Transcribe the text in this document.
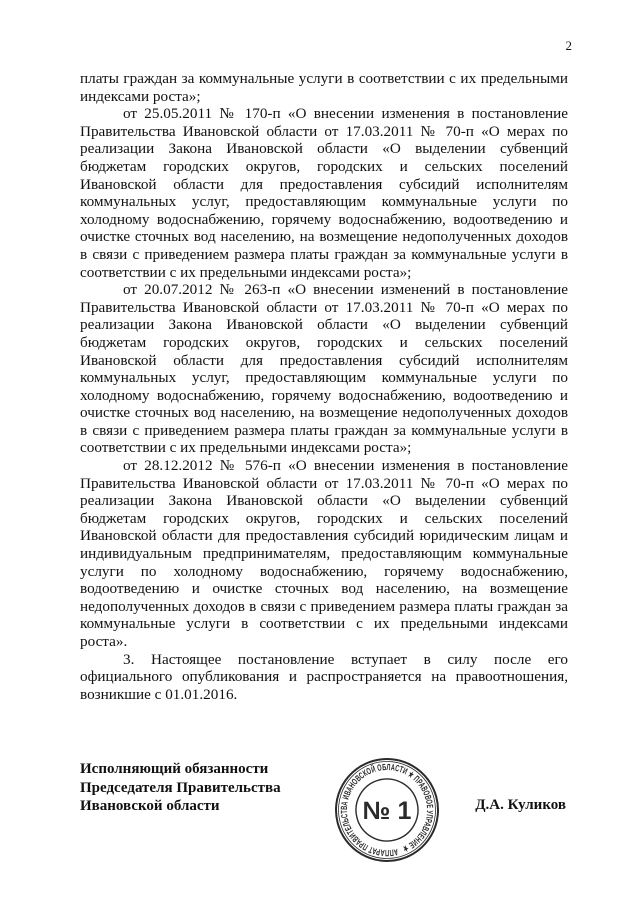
2

платы граждан за коммунальные услуги в соответствии с их предельными индексами роста»;

от 25.05.2011 № 170-п «О внесении изменения в постановление Правительства Ивановской области от 17.03.2011 № 70-п «О мерах по реализации Закона Ивановской области «О выделении субвенций бюджетам городских округов, городских и сельских поселений Ивановской области для предоставления субсидий исполнителям коммунальных услуг, предоставляющим коммунальные услуги по холодному водоснабжению, горячему водоснабжению, водоотведению и очистке сточных вод населению, на возмещение недополученных доходов в связи с приведением размера платы граждан за коммунальные услуги в соответствии с их предельными индексами роста»;

от 20.07.2012 № 263-п «О внесении изменений в постановление Правительства Ивановской области от 17.03.2011 № 70-п «О мерах по реализации Закона Ивановской области «О выделении субвенций бюджетам городских округов, городских и сельских поселений Ивановской области для предоставления субсидий исполнителям коммунальных услуг, предоставляющим коммунальные услуги по холодному водоснабжению, горячему водоснабжению, водоотведению и очистке сточных вод населению, на возмещение недополученных доходов в связи с приведением размера платы граждан за коммунальные услуги в соответствии с их предельными индексами роста»;

от 28.12.2012 № 576-п «О внесении изменения в постановление Правительства Ивановской области от 17.03.2011 № 70-п «О мерах по реализации Закона Ивановской области «О выделении субвенций бюджетам городских округов, городских и сельских поселений Ивановской области для предоставления субсидий юридическим лицам и индивидуальным предпринимателям, предоставляющим коммунальные услуги по холодному водоснабжению, горячему водоснабжению, водоотведению и очистке сточных вод населению, на возмещение недополученных доходов в связи с приведением размера платы граждан за коммунальные услуги в соответствии с их предельными индексами роста».

3. Настоящее постановление вступает в силу после его официального опубликования и распространяется на правоотношения, возникшие с 01.01.2016.

Исполняющий обязанности
Председателя Правительства
Ивановской области
АППАРАТ ПРАВИТЕЛЬСТВА ИВАНОВСКОЙ ОБЛАСТИ ★ ПРАВОВОЕ УПРАВЛЕНИЕ ★
№ 1	Д.А. Куликов
